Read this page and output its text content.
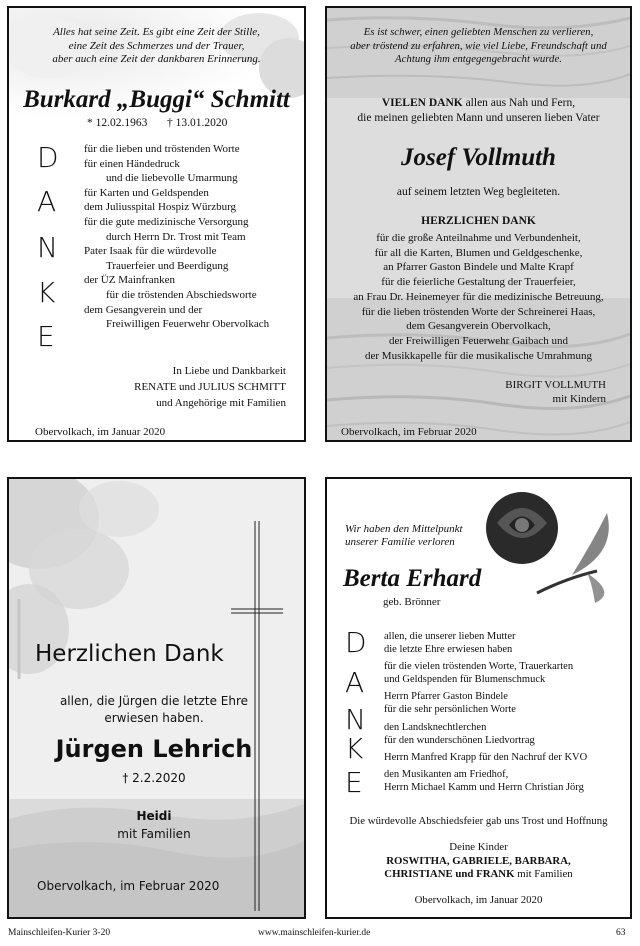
Alles hat seine Zeit. Es gibt eine Zeit der Stille,
eine Zeit des Schmerzes und der Trauer,
aber auch eine Zeit der dankbaren Erinnerung.
Burkard „Buggi“ Schmitt
* 12.02.1963 † 13.01.2020
D
A
N
K
E
für die lieben und tröstenden Worte
für einen Händedruck
und die liebevolle Umarmung
für Karten und Geldspenden
dem Juliusspital Hospiz Würzburg
für die gute medizinische Versorgung
durch Herrn Dr. Trost mit Team
Pater Isaak für die würdevolle
Trauerfeier und Beerdigung
der ÜZ Mainfranken
für die tröstenden Abschiedsworte
dem Gesangverein und der
Freiwilligen Feuerwehr Obervolkach
In Liebe und Dankbarkeit
RENATE und JULIUS SCHMITT
und Angehörige mit Familien
Obervolkach, im Januar 2020
Es ist schwer, einen geliebten Menschen zu verlieren,
aber tröstend zu erfahren, wie viel Liebe, Freundschaft und
Achtung ihm entgegengebracht wurde.
VIELEN DANK allen aus Nah und Fern,
die meinen geliebten Mann und unseren lieben Vater
Josef Vollmuth
auf seinem letzten Weg begleiteten.
HERZLICHEN DANK
für die große Anteilnahme und Verbundenheit,
für all die Karten, Blumen und Geldgeschenke,
an Pfarrer Gaston Bindele und Malte Krapf
für die feierliche Gestaltung der Trauerfeier,
an Frau Dr. Heinemeyer für die medizinische Betreuung,
für die lieben tröstenden Worte der Schreinerei Haas,
dem Gesangverein Obervolkach,
der Freiwilligen Feuerwehr Gaibach und
der Musikkapelle für die musikalische Umrahmung
BIRGIT VOLLMUTH
mit Kindern
Obervolkach, im Februar 2020
Herzlichen Dank
allen, die Jürgen die letzte Ehre
erwiesen haben.
Jürgen Lehrich
† 2.2.2020
Heidi
mit Familien
Obervolkach, im Februar 2020
Wir haben den Mittelpunkt
unserer Familie verloren
Berta Erhard
geb. Brönner
D
A
N
K
E
allen, die unserer lieben Mutter
die letzte Ehre erwiesen haben
für die vielen tröstenden Worte, Trauerkarten
und Geldspenden für Blumenschmuck
Herrn Pfarrer Gaston Bindele
für die sehr persönlichen Worte
den Landsknechtlerchen
für den wunderschönen Liedvortrag
Herrn Manfred Krapp für den Nachruf der KVO
den Musikanten am Friedhof,
Herrn Michael Kamm und Herrn Christian Jörg
Die würdevolle Abschiedsfeier gab uns Trost und Hoffnung
Deine Kinder
ROSWITHA, GABRIELE, BARBARA,
CHRISTIANE und FRANK mit Familien
Obervolkach, im Januar 2020
Mainschleifen-Kurier 3-20	www.mainschleifen-kurier.de	63
